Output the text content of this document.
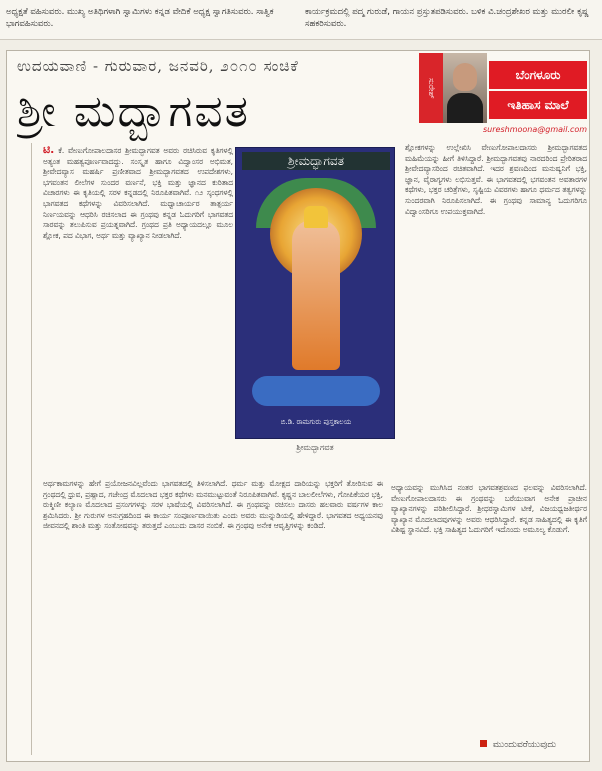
ಅಧ್ಯಕ್ಷತೆ ವಹಿಸುವರು. ಮುಖ್ಯ ಅತಿಥಿಗಳಾಗಿ ಸ್ವಾಮಿಗಳು ಕನ್ನಡ ವೇದಿಕೆ ಅಧ್ಯಕ್ಷ ಸ್ವಾಗತಿಸುವರು. ಸಾತ್ವಿಕ ಭಾಗವಹಿಸುವರು.
ಕಾರ್ಯಕ್ರಮದಲ್ಲಿ ಪದ್ಮ ಗುರುಡೆ, ಗಾಯನ ಪ್ರಸ್ತುತಪಡಿಸುವರು. ಬಳಿಕ ವಿ.ಚಂದ್ರಶೇಖರ ಮತ್ತು ಮುರಲೀ ಕೃಷ್ಣ ಸಹಕರಿಸುವರು.
ಉದಯವಾಣಿ - ಗುರುವಾರ, ಜನವರಿ, ೨೦೧೦ ಸಂಚಿಕೆ
ಸುರೇಶ್
ಬೆಂಗಳೂರು
ಇತಿಹಾಸ ಮಾಲೆ
sureshmoona@gmail.com
ಶ್ರೀ ಮದ್ಭಾಗವತ
ಟಿ. ಕೆ. ವೇಣುಗೋಪಾಲದಾಸರ ಶ್ರೀಮದ್ಭಾಗವತ ಅವರು ರಚಿಸಿರುವ ಕೃತಿಗಳಲ್ಲಿ ಅತ್ಯಂತ ಮಹತ್ವಪೂರ್ಣವಾದದ್ದು. ಸಂಸ್ಕೃತ ಹಾಗೂ ವಿದ್ವಾಂಸರ ಅಭಿಮತ, ಶ್ರೀವೇದವ್ಯಾಸ ಮಹರ್ಷಿ ಪ್ರಣೀತವಾದ ಶ್ರೀಮದ್ಭಾಗವತದ ಉಪದೇಶಗಳು, ಭಗವಂತನ ಲೀಲೆಗಳ ಸುಂದರ ವರ್ಣನೆ, ಭಕ್ತಿ ಮತ್ತು ಜ್ಞಾನದ ಕುರಿತಾದ ವಿಚಾರಗಳು ಈ ಕೃತಿಯಲ್ಲಿ ಸರಳ ಕನ್ನಡದಲ್ಲಿ ನಿರೂಪಿತವಾಗಿವೆ. ೧೨ ಸ್ಕಂಧಗಳಲ್ಲಿ ಭಾಗವತದ ಕಥೆಗಳನ್ನು ವಿವರಿಸಲಾಗಿದೆ. ಮಧ್ವಾಚಾರ್ಯರ ತಾತ್ಪರ್ಯ ನಿರ್ಣಯವನ್ನು ಆಧರಿಸಿ ರಚಿಸಲಾದ ಈ ಗ್ರಂಥವು ಕನ್ನಡ ಓದುಗರಿಗೆ ಭಾಗವತದ ಸಾರವನ್ನು ತಲುಪಿಸುವ ಪ್ರಯತ್ನವಾಗಿದೆ. ಗ್ರಂಥದ ಪ್ರತಿ ಅಧ್ಯಾಯದಲ್ಲೂ ಮೂಲ ಶ್ಲೋಕ, ಪದ ವಿಭಾಗ, ಅರ್ಥ ಮತ್ತು ವ್ಯಾಖ್ಯಾನ ನೀಡಲಾಗಿದೆ.
ಶ್ರೀಮದ್ಭಾಗವತ
ಬಿ.ಡಿ. ರಾಮಗುರು ಪುಸ್ತಕಾಲಯ
ಶ್ರೀಮದ್ಭಾಗವತ
ಶ್ಲೋಕಗಳನ್ನು ಉಲ್ಲೇಖಿಸಿ ವೇಣುಗೋಪಾಲದಾಸರು ಶ್ರೀಮದ್ಭಾಗವತದ ಮಹಿಮೆಯನ್ನು ಹೀಗೆ ತಿಳಿಸಿದ್ದಾರೆ. ಶ್ರೀಮದ್ಭಾಗವತವು ನಾರದರಿಂದ ಪ್ರೇರಿತರಾದ ಶ್ರೀವೇದವ್ಯಾಸರಿಂದ ರಚಿತವಾಗಿದೆ. ಇದರ ಶ್ರವಣದಿಂದ ಮನುಷ್ಯನಿಗೆ ಭಕ್ತಿ, ಜ್ಞಾನ, ವೈರಾಗ್ಯಗಳು ಲಭಿಸುತ್ತವೆ. ಈ ಭಾಗವತದಲ್ಲಿ ಭಗವಂತನ ಅವತಾರಗಳ ಕಥೆಗಳು, ಭಕ್ತರ ಚರಿತ್ರೆಗಳು, ಸೃಷ್ಟಿಯ ವಿವರಗಳು ಹಾಗೂ ಧರ್ಮದ ತತ್ವಗಳನ್ನು ಸುಂದರವಾಗಿ ನಿರೂಪಿಸಲಾಗಿದೆ. ಈ ಗ್ರಂಥವು ಸಾಮಾನ್ಯ ಓದುಗರಿಗೂ ವಿದ್ವಾಂಸರಿಗೂ ಉಪಯುಕ್ತವಾಗಿದೆ.
ಅರ್ಥಕಾಮಗಳನ್ನು ಹೇಗೆ ಪ್ರಯೋಜನವಿಲ್ಲವೆಂದು ಭಾಗವತದಲ್ಲಿ ತಿಳಿಸಲಾಗಿದೆ. ಧರ್ಮ ಮತ್ತು ಮೋಕ್ಷದ ದಾರಿಯನ್ನು ಭಕ್ತರಿಗೆ ತೋರಿಸುವ ಈ ಗ್ರಂಥದಲ್ಲಿ ಧ್ರುವ, ಪ್ರಹ್ಲಾದ, ಗಜೇಂದ್ರ ಮೊದಲಾದ ಭಕ್ತರ ಕಥೆಗಳು ಮನಮುಟ್ಟುವಂತೆ ನಿರೂಪಿತವಾಗಿವೆ. ಕೃಷ್ಣನ ಬಾಲಲೀಲೆಗಳು, ಗೋಪಿಕೆಯರ ಭಕ್ತಿ, ರುಕ್ಮಿಣೀ ಕಲ್ಯಾಣ ಮೊದಲಾದ ಪ್ರಸಂಗಗಳನ್ನು ಸರಳ ಭಾಷೆಯಲ್ಲಿ ವಿವರಿಸಲಾಗಿದೆ. ಈ ಗ್ರಂಥವನ್ನು ರಚಿಸಲು ದಾಸರು ಹಲವಾರು ವರ್ಷಗಳ ಕಾಲ ಶ್ರಮಿಸಿದರು. ಶ್ರೀ ಗುರುಗಳ ಅನುಗ್ರಹದಿಂದ ಈ ಕಾರ್ಯ ಸಂಪೂರ್ಣವಾಯಿತು ಎಂದು ಅವರು ಮುನ್ನುಡಿಯಲ್ಲಿ ಹೇಳಿದ್ದಾರೆ. ಭಾಗವತದ ಅಧ್ಯಯನವು ಜೀವನದಲ್ಲಿ ಶಾಂತಿ ಮತ್ತು ಸಂತೋಷವನ್ನು ತರುತ್ತದೆ ಎಂಬುದು ದಾಸರ ನಂಬಿಕೆ. ಈ ಗ್ರಂಥವು ಅನೇಕ ಆವೃತ್ತಿಗಳನ್ನು ಕಂಡಿದೆ.
ಅಧ್ಯಾಯವನ್ನು ಮುಗಿಸಿದ ನಂತರ ಭಾಗವತಶ್ರವಣದ ಫಲವನ್ನು ವಿವರಿಸಲಾಗಿದೆ. ವೇಣುಗೋಪಾಲದಾಸರು ಈ ಗ್ರಂಥವನ್ನು ಬರೆಯುವಾಗ ಅನೇಕ ಪ್ರಾಚೀನ ವ್ಯಾಖ್ಯಾನಗಳನ್ನು ಪರಿಶೀಲಿಸಿದ್ದಾರೆ. ಶ್ರೀಧರಸ್ವಾಮಿಗಳ ಟೀಕೆ, ವಿಜಯಧ್ವಜತೀರ್ಥರ ವ್ಯಾಖ್ಯಾನ ಮೊದಲಾದವುಗಳನ್ನು ಅವರು ಆಧರಿಸಿದ್ದಾರೆ. ಕನ್ನಡ ಸಾಹಿತ್ಯದಲ್ಲಿ ಈ ಕೃತಿಗೆ ವಿಶಿಷ್ಟ ಸ್ಥಾನವಿದೆ. ಭಕ್ತಿ ಸಾಹಿತ್ಯದ ಓದುಗರಿಗೆ ಇದೊಂದು ಅಮೂಲ್ಯ ಕೊಡುಗೆ.
ಮುಂದುವರೆಯುವುದು
